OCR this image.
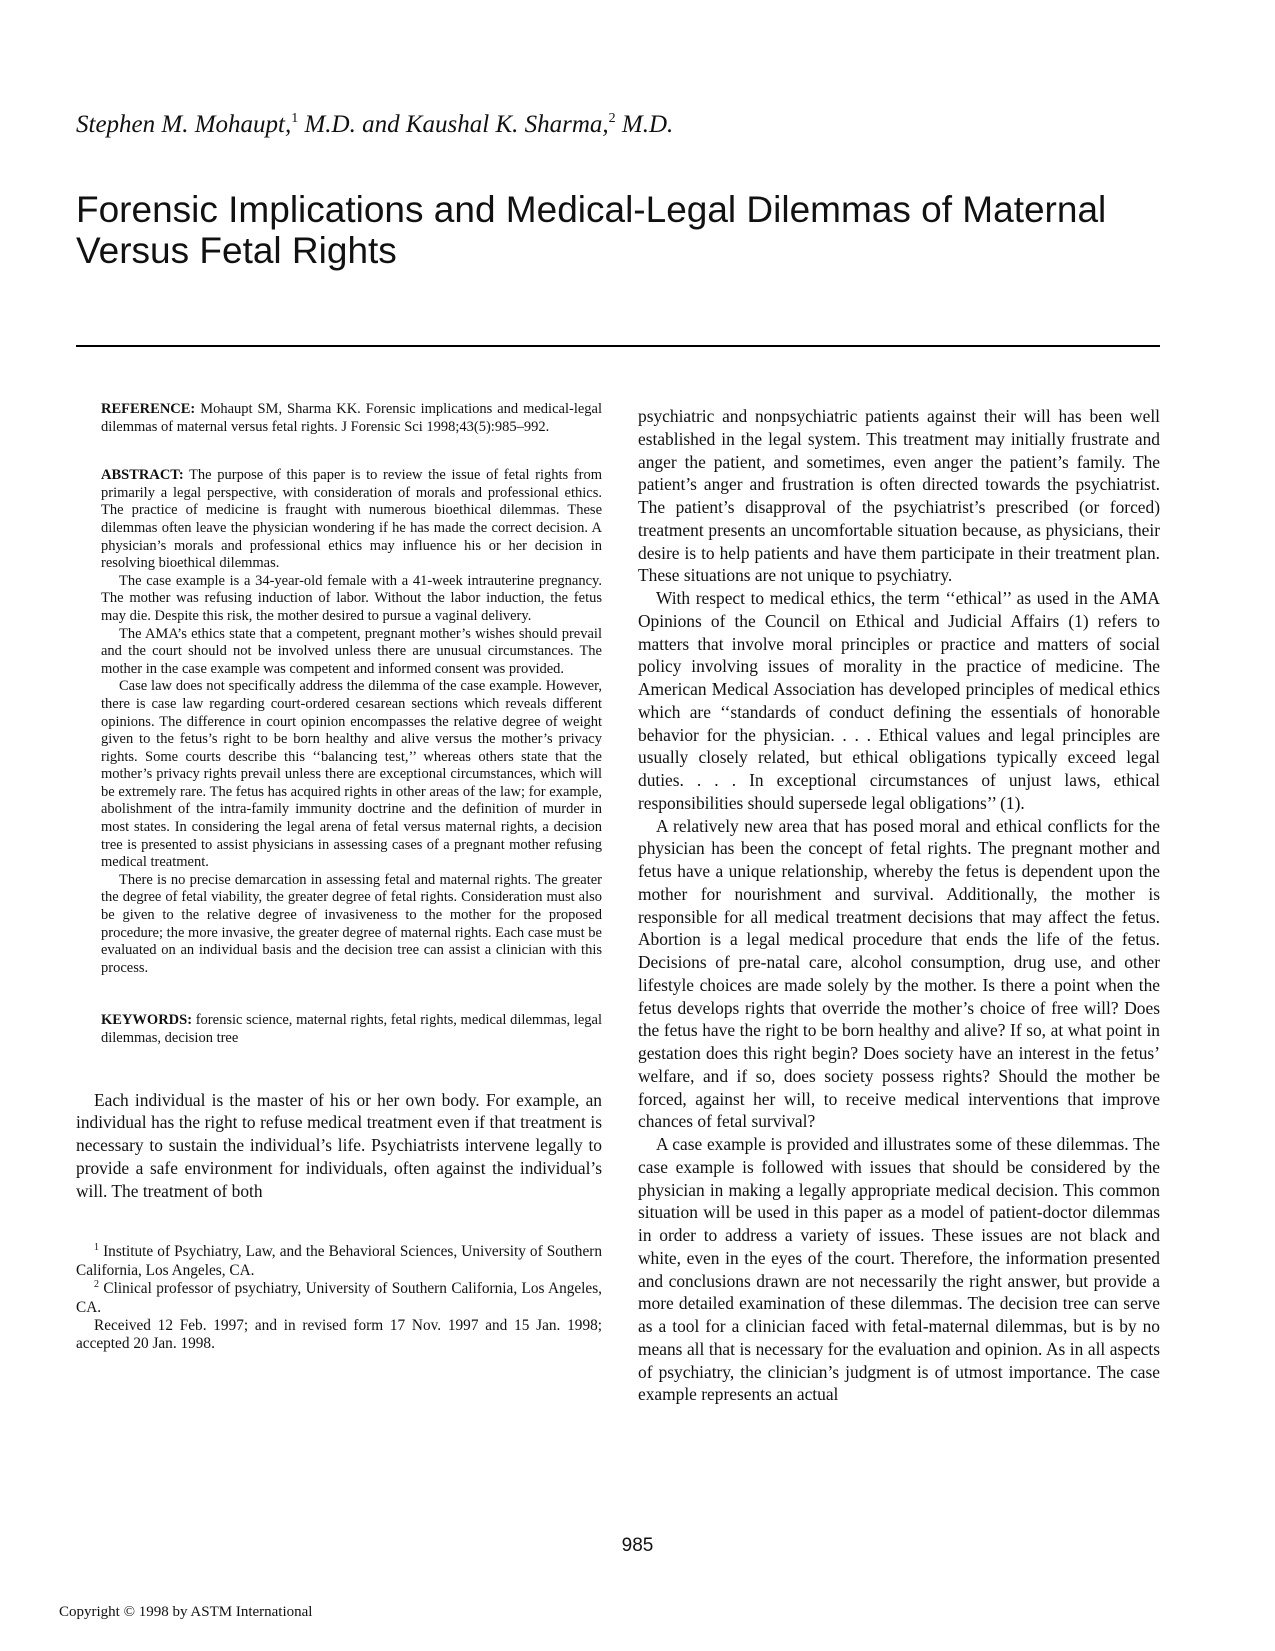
Stephen M. Mohaupt,$^1$ M.D. and Kaushal K. Sharma,$^2$ M.D.
Forensic Implications and Medical-Legal Dilemmas of Maternal Versus Fetal Rights

REFERENCE: Mohaupt SM, Sharma KK. Forensic implications and medical-legal dilemmas of maternal versus fetal rights. J Forensic Sci 1998;43(5):985–992.

ABSTRACT: The purpose of this paper is to review the issue of fetal rights from primarily a legal perspective, with consideration of morals and professional ethics. The practice of medicine is fraught with numerous bioethical dilemmas. These dilemmas often leave the physician wondering if he has made the correct decision. A physician’s morals and professional ethics may influence his or her decision in resolving bioethical dilemmas.

The case example is a 34-year-old female with a 41-week intrauterine pregnancy. The mother was refusing induction of labor. Without the labor induction, the fetus may die. Despite this risk, the mother desired to pursue a vaginal delivery.

The AMA’s ethics state that a competent, pregnant mother’s wishes should prevail and the court should not be involved unless there are unusual circumstances. The mother in the case example was competent and informed consent was provided.

Case law does not specifically address the dilemma of the case example. However, there is case law regarding court-ordered cesarean sections which reveals different opinions. The difference in court opinion encompasses the relative degree of weight given to the fetus’s right to be born healthy and alive versus the mother’s privacy rights. Some courts describe this ‘‘balancing test,’’ whereas others state that the mother’s privacy rights prevail unless there are exceptional circumstances, which will be extremely rare. The fetus has acquired rights in other areas of the law; for example, abolishment of the intra-family immunity doctrine and the definition of murder in most states. In considering the legal arena of fetal versus maternal rights, a decision tree is presented to assist physicians in assessing cases of a pregnant mother refusing medical treatment.

There is no precise demarcation in assessing fetal and maternal rights. The greater the degree of fetal viability, the greater degree of fetal rights. Consideration must also be given to the relative degree of invasiveness to the mother for the proposed procedure; the more invasive, the greater degree of maternal rights. Each case must be evaluated on an individual basis and the decision tree can assist a clinician with this process.

KEYWORDS: forensic science, maternal rights, fetal rights, medical dilemmas, legal dilemmas, decision tree

Each individual is the master of his or her own body. For example, an individual has the right to refuse medical treatment even if that treatment is necessary to sustain the individual’s life. Psychiatrists intervene legally to provide a safe environment for individuals, often against the individual’s will. The treatment of both

$^1$ Institute of Psychiatry, Law, and the Behavioral Sciences, University of Southern California, Los Angeles, CA.

$^2$ Clinical professor of psychiatry, University of Southern California, Los Angeles, CA.

Received 12 Feb. 1997; and in revised form 17 Nov. 1997 and 15 Jan. 1998; accepted 20 Jan. 1998.

psychiatric and nonpsychiatric patients against their will has been well established in the legal system. This treatment may initially frustrate and anger the patient, and sometimes, even anger the patient’s family. The patient’s anger and frustration is often directed towards the psychiatrist. The patient’s disapproval of the psychiatrist’s prescribed (or forced) treatment presents an uncomfortable situation because, as physicians, their desire is to help patients and have them participate in their treatment plan. These situations are not unique to psychiatry.

With respect to medical ethics, the term ‘‘ethical’’ as used in the AMA Opinions of the Council on Ethical and Judicial Affairs (1) refers to matters that involve moral principles or practice and matters of social policy involving issues of morality in the practice of medicine. The American Medical Association has developed principles of medical ethics which are ‘‘standards of conduct defining the essentials of honorable behavior for the physician. . . . Ethical values and legal principles are usually closely related, but ethical obligations typically exceed legal duties. . . . In exceptional circumstances of unjust laws, ethical responsibilities should supersede legal obligations’’ (1).

A relatively new area that has posed moral and ethical conflicts for the physician has been the concept of fetal rights. The pregnant mother and fetus have a unique relationship, whereby the fetus is dependent upon the mother for nourishment and survival. Additionally, the mother is responsible for all medical treatment decisions that may affect the fetus. Abortion is a legal medical procedure that ends the life of the fetus. Decisions of pre-natal care, alcohol consumption, drug use, and other lifestyle choices are made solely by the mother. Is there a point when the fetus develops rights that override the mother’s choice of free will? Does the fetus have the right to be born healthy and alive? If so, at what point in gestation does this right begin? Does society have an interest in the fetus’ welfare, and if so, does society possess rights? Should the mother be forced, against her will, to receive medical interventions that improve chances of fetal survival?

A case example is provided and illustrates some of these dilemmas. The case example is followed with issues that should be considered by the physician in making a legally appropriate medical decision. This common situation will be used in this paper as a model of patient-doctor dilemmas in order to address a variety of issues. These issues are not black and white, even in the eyes of the court. Therefore, the information presented and conclusions drawn are not necessarily the right answer, but provide a more detailed examination of these dilemmas. The decision tree can serve as a tool for a clinician faced with fetal-maternal dilemmas, but is by no means all that is necessary for the evaluation and opinion. As in all aspects of psychiatry, the clinician’s judgment is of utmost importance. The case example represents an actual

985
Copyright © 1998 by ASTM International
